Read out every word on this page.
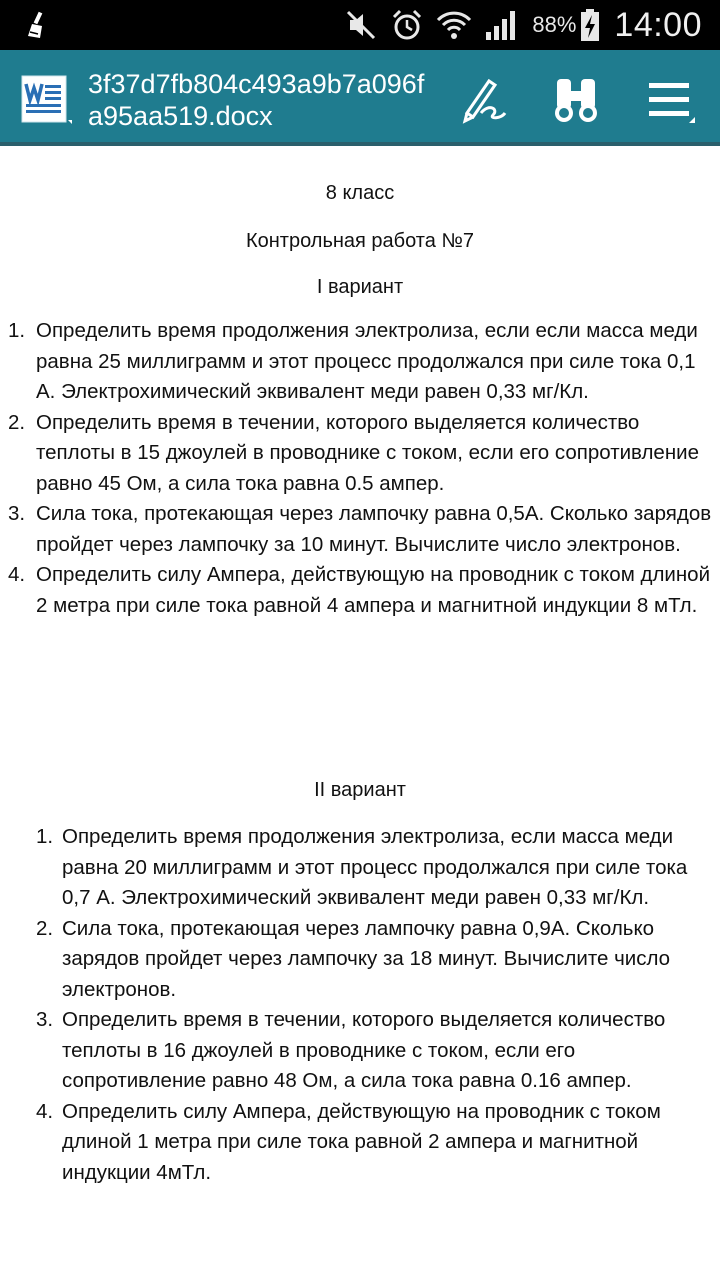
88% 14:00
3f37d7fb804c493a9b7a096fa95aa519.docx
8 класс
Контрольная работа №7
I вариант
1. Определить время продолжения электролиза, если если масса меди равна 25 миллиграмм и этот процесс продолжался при силе тока 0,1 А. Электрохимический эквивалент меди равен 0,33 мг/Кл.
2. Определить время в течении, которого выделяется количество теплоты в 15 джоулей в проводнике с током, если его сопротивление равно 45 Ом, а сила тока равна 0.5 ампер.
3. Сила тока, протекающая через лампочку равна 0,5А. Сколько зарядов пройдет через лампочку за 10 минут. Вычислите число электронов.
4. Определить силу Ампера, действующую на проводник с током длиной 2 метра при силе тока равной 4 ампера и магнитной индукции 8 мТл.
II вариант
1. Определить время продолжения электролиза, если масса меди равна 20 миллиграмм и этот процесс продолжался при силе тока 0,7 А. Электрохимический эквивалент меди равен 0,33 мг/Кл.
2. Сила тока, протекающая через лампочку равна 0,9А. Сколько зарядов пройдет через лампочку за 18 минут. Вычислите число электронов.
3. Определить время в течении, которого выделяется количество теплоты в 16 джоулей в проводнике с током, если его сопротивление равно 48 Ом, а сила тока равна 0.16 ампер.
4. Определить силу Ампера, действующую на проводник с током длиной 1 метра при силе тока равной 2 ампера и магнитной индукции 4мТл.
